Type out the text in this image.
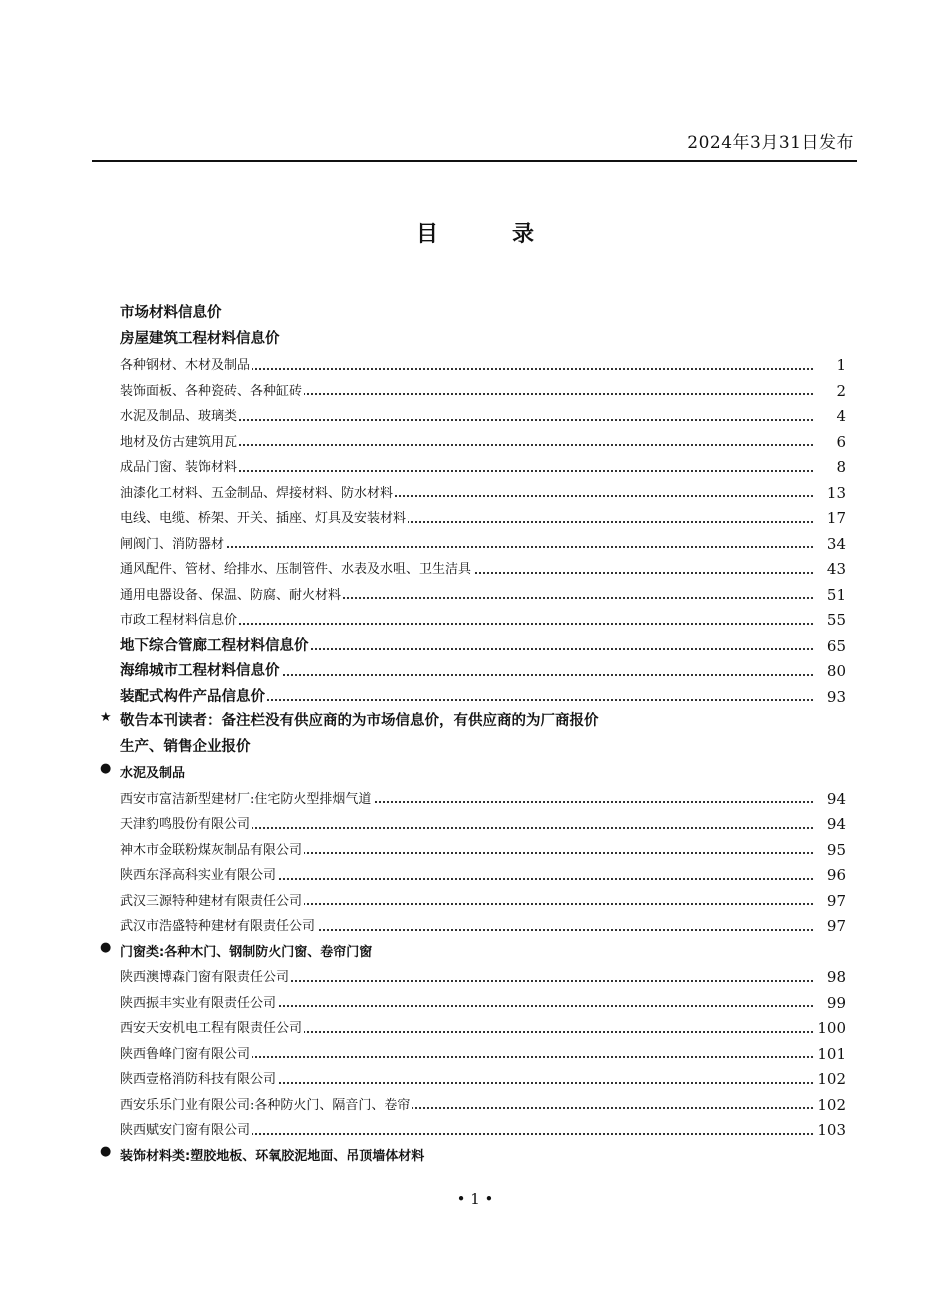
2024年3月31日发布
目　录
市场材料信息价
房屋建筑工程材料信息价
各种钢材、木材及制品	1
装饰面板、各种瓷砖、各种缸砖	2
水泥及制品、玻璃类	4
地材及仿古建筑用瓦	6
成品门窗、装饰材料	8
油漆化工材料、五金制品、焊接材料、防水材料	13
电线、电缆、桥架、开关、插座、灯具及安装材料	17
闸阀门、消防器材	34
通风配件、管材、给排水、压制管件、水表及水咀、卫生洁具	43
通用电器设备、保温、防腐、耐火材料	51
市政工程材料信息价	55
地下综合管廊工程材料信息价	65
海绵城市工程材料信息价	80
装配式构件产品信息价	93
★ 敬告本刊读者：备注栏没有供应商的为市场信息价，有供应商的为厂商报价
生产、销售企业报价
● 水泥及制品
西安市富洁新型建材厂:住宅防火型排烟气道	94
天津豹鸣股份有限公司	94
神木市金联粉煤灰制品有限公司	95
陕西东泽高科实业有限公司	96
武汉三源特种建材有限责任公司	97
武汉市浩盛特种建材有限责任公司	97
● 门窗类:各种木门、钢制防火门窗、卷帘门窗
陕西澳博森门窗有限责任公司	98
陕西振丰实业有限责任公司	99
西安天安机电工程有限责任公司	100
陕西鲁峰门窗有限公司	101
陕西壹格消防科技有限公司	102
西安乐乐门业有限公司:各种防火门、隔音门、卷帘	102
陕西赋安门窗有限公司	103
● 装饰材料类:塑胶地板、环氧胶泥地面、吊顶墙体材料
• 1 •
